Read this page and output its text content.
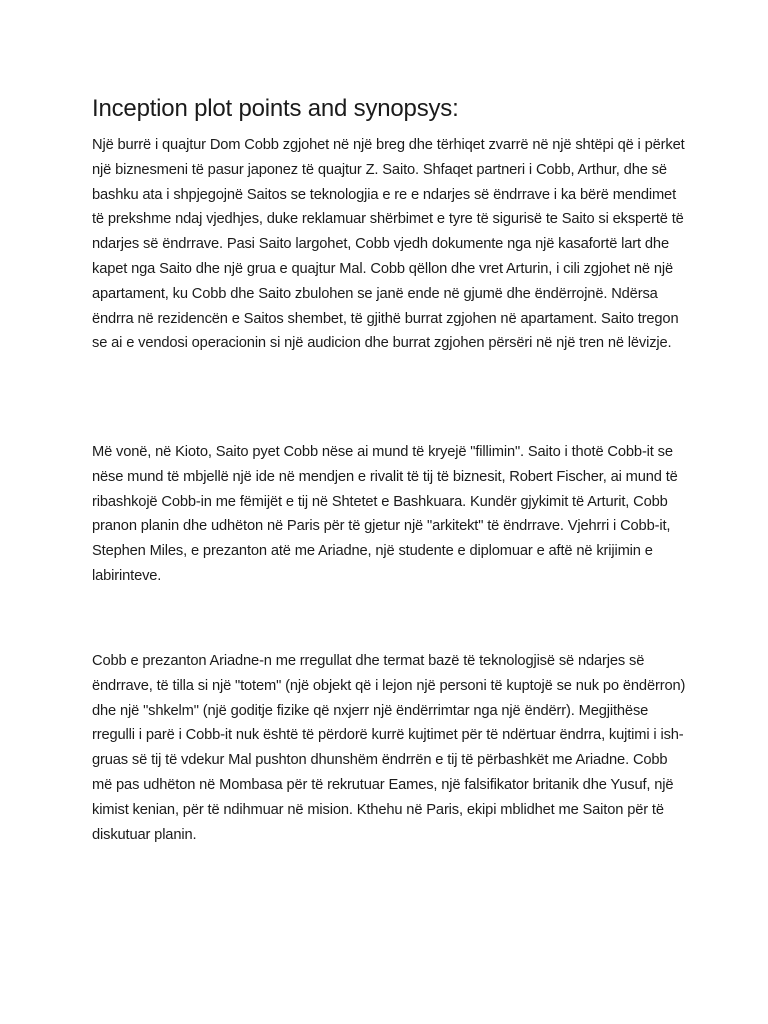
Inception plot points and synopsys:

Një burrë i quajtur Dom Cobb zgjohet në një breg dhe tërhiqet zvarrë në një shtëpi që i përket një biznesmeni të pasur japonez të quajtur Z. Saito. Shfaqet partneri i Cobb, Arthur, dhe së bashku ata i shpjegojnë Saitos se teknologjia e re e ndarjes së ëndrrave i ka bërë mendimet të prekshme ndaj vjedhjes, duke reklamuar shërbimet e tyre të sigurisë te Saito si ekspertë të ndarjes së ëndrrave. Pasi Saito largohet, Cobb vjedh dokumente nga një kasafortë lart dhe kapet nga Saito dhe një grua e quajtur Mal. Cobb qëllon dhe vret Arturin, i cili zgjohet në një apartament, ku Cobb dhe Saito zbulohen se janë ende në gjumë dhe ëndërrojnë. Ndërsa ëndrra në rezidencën e Saitos shembet, të gjithë burrat zgjohen në apartament. Saito tregon se ai e vendosi operacionin si një audicion dhe burrat zgjohen përsëri në një tren në lëvizje.

Më vonë, në Kioto, Saito pyet Cobb nëse ai mund të kryejë "fillimin". Saito i thotë Cobb-it se nëse mund të mbjellë një ide në mendjen e rivalit të tij të biznesit, Robert Fischer, ai mund të ribashkojë Cobb-in me fëmijët e tij në Shtetet e Bashkuara. Kundër gjykimit të Arturit, Cobb pranon planin dhe udhëton në Paris për të gjetur një "arkitekt" të ëndrrave. Vjehrri i Cobb-it, Stephen Miles, e prezanton atë me Ariadne, një studente e diplomuar e aftë në krijimin e labirinteve.

Cobb e prezanton Ariadne-n me rregullat dhe termat bazë të teknologjisë së ndarjes së ëndrrave, të tilla si një "totem" (një objekt që i lejon një personi të kuptojë se nuk po ëndërron) dhe një "shkelm" (një goditje fizike që nxjerr një ëndërrimtar nga një ëndërr). Megjithëse rregulli i parë i Cobb-it nuk është të përdorë kurrë kujtimet për të ndërtuar ëndrra, kujtimi i ish-gruas së tij të vdekur Mal pushton dhunshëm ëndrrën e tij të përbashkët me Ariadne. Cobb më pas udhëton në Mombasa për të rekrutuar Eames, një falsifikator britanik dhe Yusuf, një kimist kenian, për të ndihmuar në mision. Kthehu në Paris, ekipi mblidhet me Saiton për të diskutuar planin.
